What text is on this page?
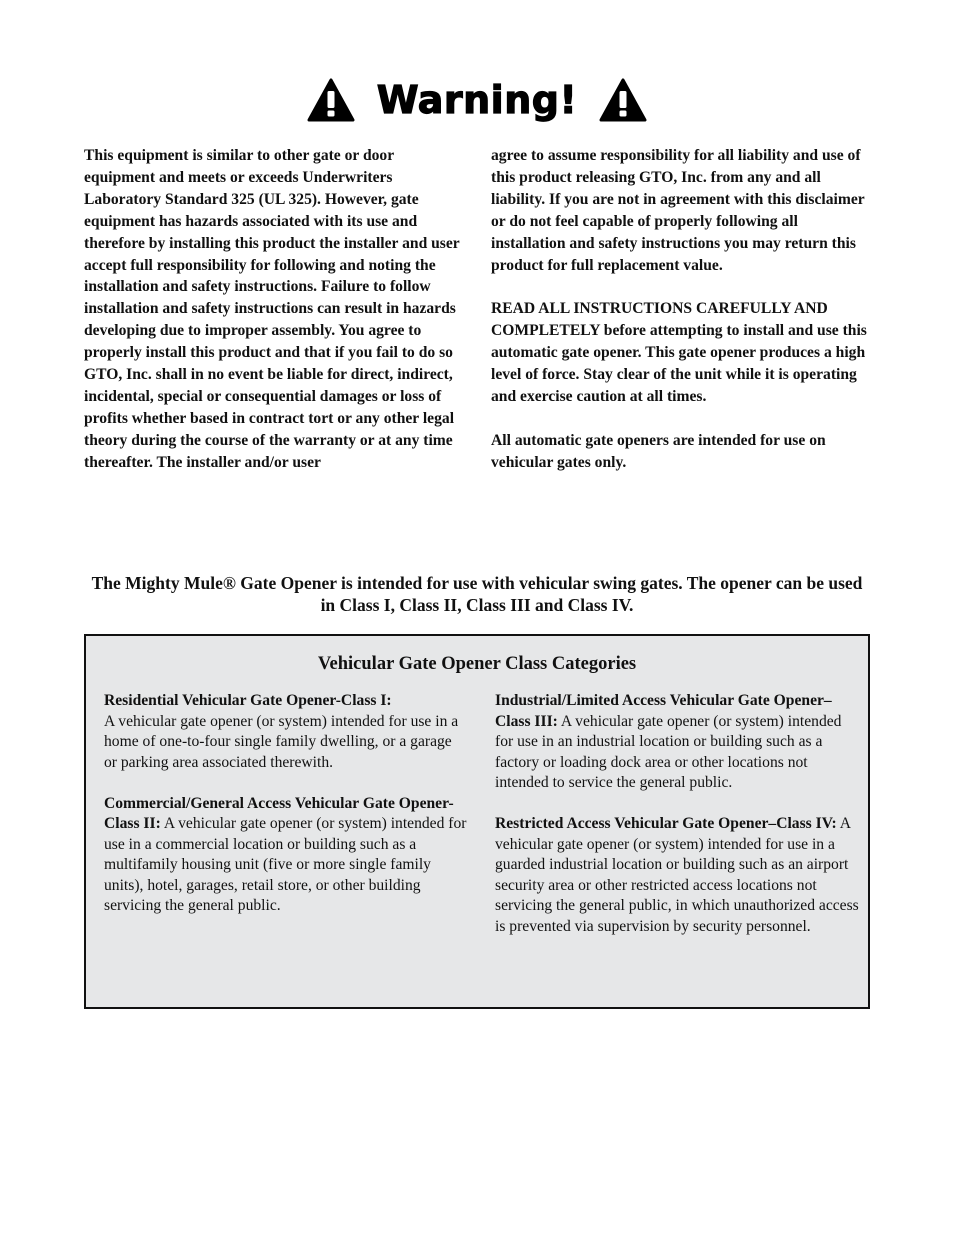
Warning!

This equipment is similar to other gate or door equipment and meets or exceeds Underwriters Laboratory Standard 325 (UL 325). However, gate equipment has hazards associated with its use and therefore by installing this product the installer and user accept full responsibility for following and noting the installation and safety instructions. Failure to follow installation and safety instructions can result in hazards developing due to improper assembly. You agree to properly install this product and that if you fail to do so GTO, Inc. shall in no event be liable for direct, indirect, incidental, special or consequential damages or loss of profits whether based in contract tort or any other legal theory during the course of the warranty or at any time thereafter. The installer and/or user

agree to assume responsibility for all liability and use of this product releasing GTO, Inc. from any and all liability. If you are not in agreement with this disclaimer or do not feel capable of properly following all installation and safety instructions you may return this product for full replacement value.

READ ALL INSTRUCTIONS CAREFULLY AND COMPLETELY before attempting to install and use this automatic gate opener. This gate opener produces a high level of force. Stay clear of the unit while it is operating and exercise caution at all times.

All automatic gate openers are intended for use on vehicular gates only.

The Mighty Mule® Gate Opener is intended for use with vehicular swing gates. The opener can be used in Class I, Class II, Class III and Class IV.

Vehicular Gate Opener Class Categories

Residential Vehicular Gate Opener-Class I:
A vehicular gate opener (or system) intended for use in a home of one-to-four single family dwelling, or a garage or parking area associated therewith.

Commercial/General Access Vehicular Gate Opener-Class II: A vehicular gate opener (or system) intended for use in a commercial location or building such as a multifamily housing unit (five or more single family units), hotel, garages, retail store, or other building servicing the general public.

Industrial/Limited Access Vehicular Gate Opener–Class III: A vehicular gate opener (or system) intended for use in an industrial location or building such as a factory or loading dock area or other locations not intended to service the general public.

Restricted Access Vehicular Gate Opener–Class IV: A vehicular gate opener (or system) intended for use in a guarded industrial location or building such as an airport security area or other restricted access locations not servicing the general public, in which unauthorized access is prevented via supervision by security personnel.
